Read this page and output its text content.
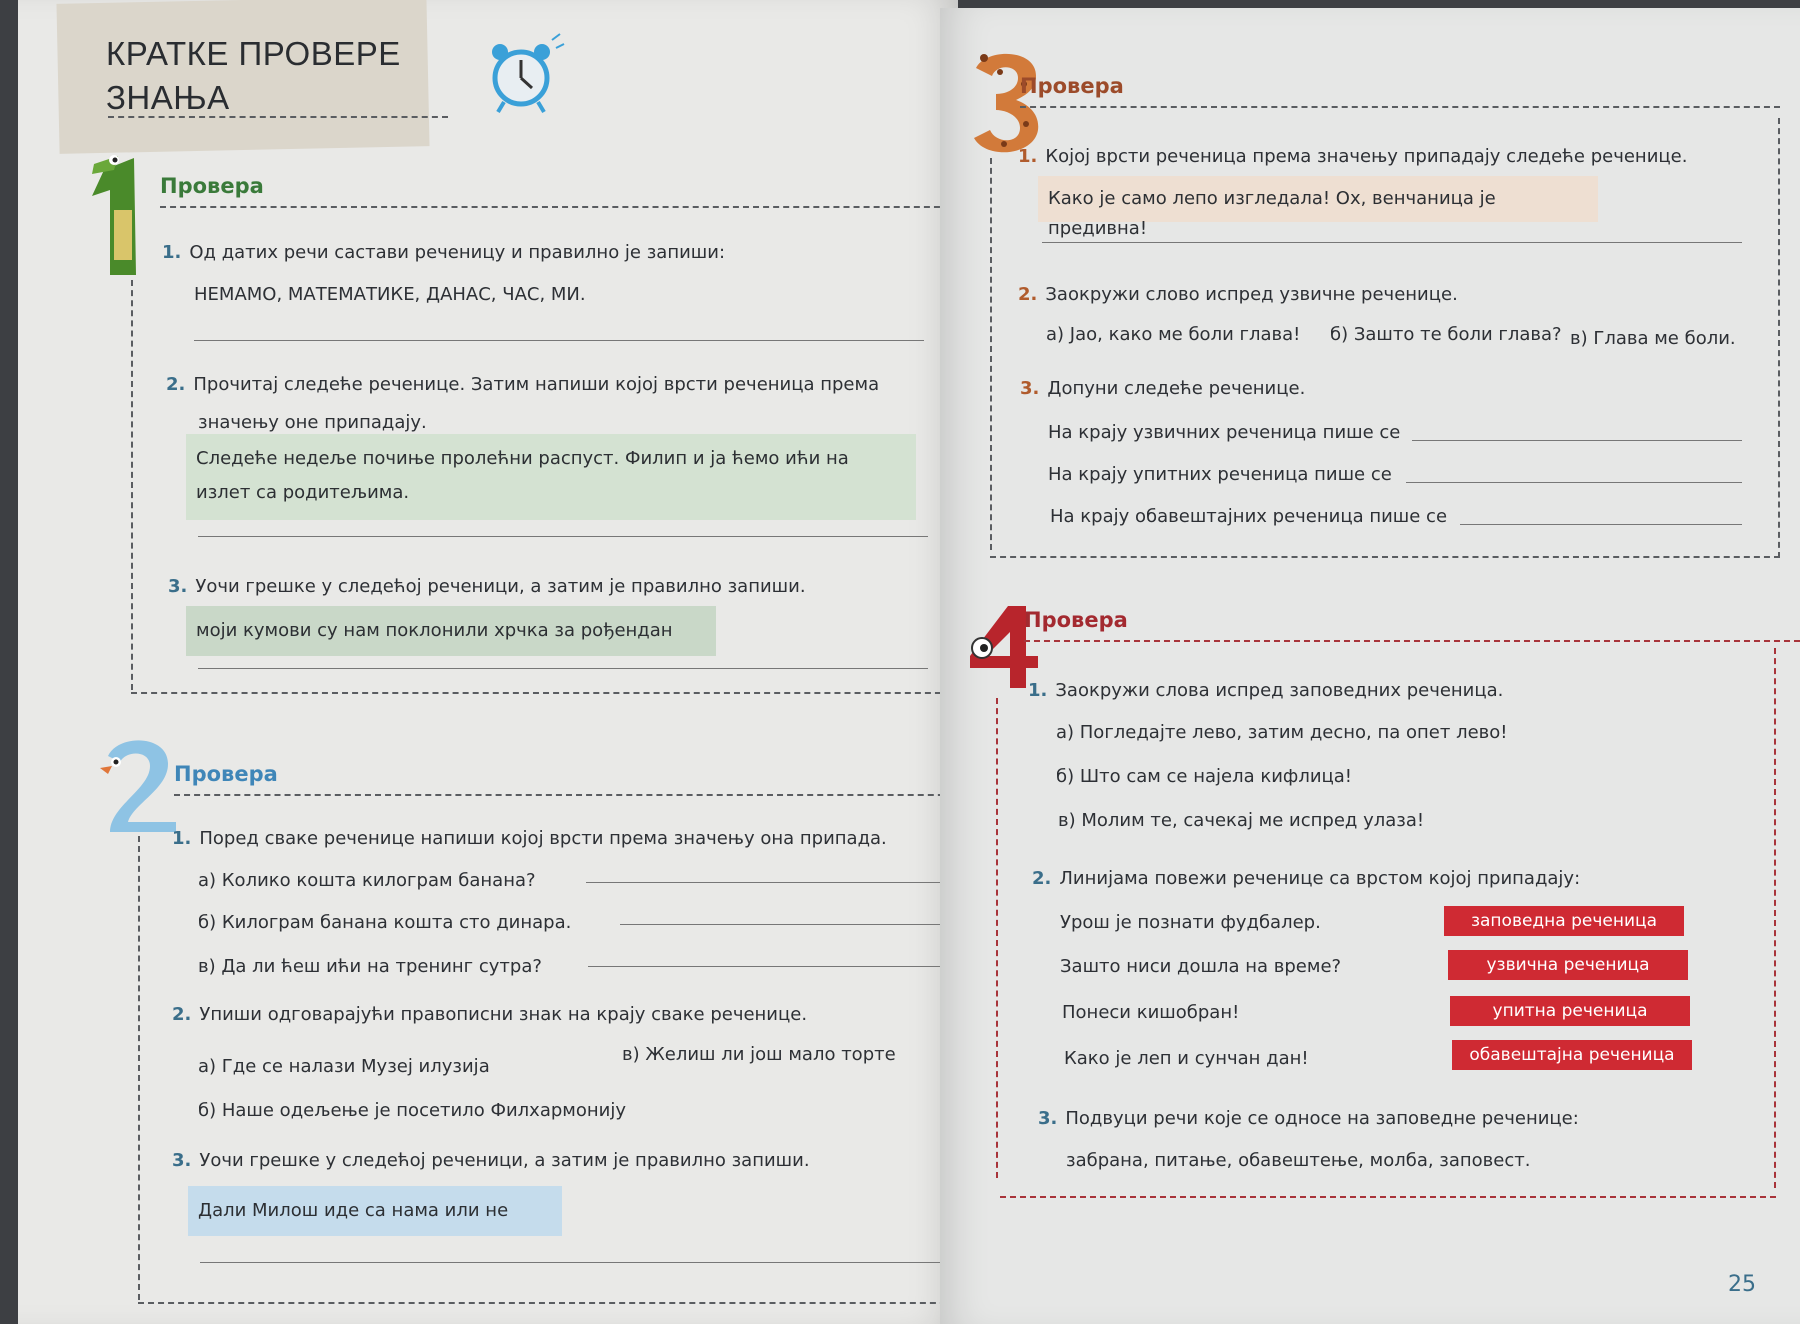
КРАТКЕ ПРОВЕРЕ
ЗНАЊА
Провера
1. Од датих речи састави реченицу и правилно је запиши:
НЕМАМО, МАТЕМАТИКЕ, ДАНАС, ЧАС, МИ.
2. Прочитај следеће реченице. Затим напиши којој врсти реченица према
значењу оне припадају.
Следеће недеље почиње пролећни распуст. Филип и ја ћемо ићи на
излет са родитељима.
3. Уочи грешке у следећој реченици, а затим је правилно запиши.
моји кумови су нам поклонили хрчка за рођендан
Провера
1. Поред сваке реченице напиши којој врсти према значењу она припада.
а) Колико кошта килограм банана?
б) Килограм банана кошта сто динара.
в) Да ли ћеш ићи на тренинг сутра?
2. Упиши одговарајући правописни знак на крају сваке реченице.
а) Где се налази Музеј илузија
в) Желиш ли још мало торте
б) Наше одељење је посетило Филхармонију
3. Уочи грешке у следећој реченици, а затим је правилно запиши.
Дали Милош иде са нама или не
Провера
1. Којој врсти реченица према значењу припадају следеће реченице.
Како је само лепо изгледала! Ох, венчаница је предивна!
2. Заокружи слово испред узвичне реченице.
а) Јао, како ме боли глава! б) Зашто те боли глава? в) Глава ме боли.
3. Допуни следеће реченице.
На крају узвичних реченица пише се
На крају упитних реченица пише се
На крају обавештајних реченица пише се
Провера
1. Заокружи слова испред заповедних реченица.
а) Погледајте лево, затим десно, па опет лево!
б) Што сам се најела кифлица!
в) Молим те, сачекај ме испред улаза!
2. Линијама повежи реченице са врстом којој припадају:
Урош је познати фудбалер.
Зашто ниси дошла на време?
Понеси кишобран!
Како је леп и сунчан дан!
заповедна реченица
узвична реченица
упитна реченица
обавештајна реченица
3. Подвуци речи које се односе на заповедне реченице:
забрана, питање, обавештење, молба, заповест.
25
